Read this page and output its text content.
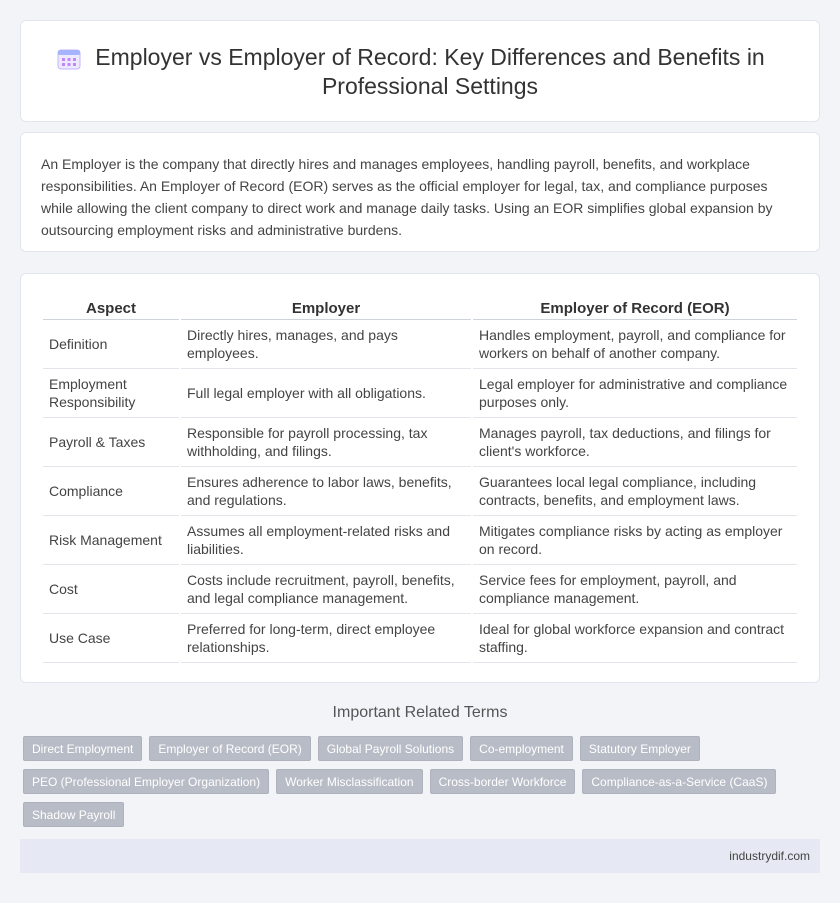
Employer vs Employer of Record: Key Differences and Benefits in Professional Settings

An Employer is the company that directly hires and manages employees, handling payroll, benefits, and workplace responsibilities. An Employer of Record (EOR) serves as the official employer for legal, tax, and compliance purposes while allowing the client company to direct work and manage daily tasks. Using an EOR simplifies global expansion by outsourcing employment risks and administrative burdens.

Aspect	Employer	Employer of Record (EOR)
Definition	Directly hires, manages, and pays employees.	Handles employment, payroll, and compliance for workers on behalf of another company.
Employment Responsibility	Full legal employer with all obligations.	Legal employer for administrative and compliance purposes only.
Payroll & Taxes	Responsible for payroll processing, tax withholding, and filings.	Manages payroll, tax deductions, and filings for client's workforce.
Compliance	Ensures adherence to labor laws, benefits, and regulations.	Guarantees local legal compliance, including contracts, benefits, and employment laws.
Risk Management	Assumes all employment-related risks and liabilities.	Mitigates compliance risks by acting as employer on record.
Cost	Costs include recruitment, payroll, benefits, and legal compliance management.	Service fees for employment, payroll, and compliance management.
Use Case	Preferred for long-term, direct employee relationships.	Ideal for global workforce expansion and contract staffing.
Important Related Terms
Direct Employment	Employer of Record (EOR)	Global Payroll Solutions	Co-employment	Statutory Employer
PEO (Professional Employer Organization)	Worker Misclassification	Cross-border Workforce	Compliance-as-a-Service (CaaS)
Shadow Payroll
industrydif.com
